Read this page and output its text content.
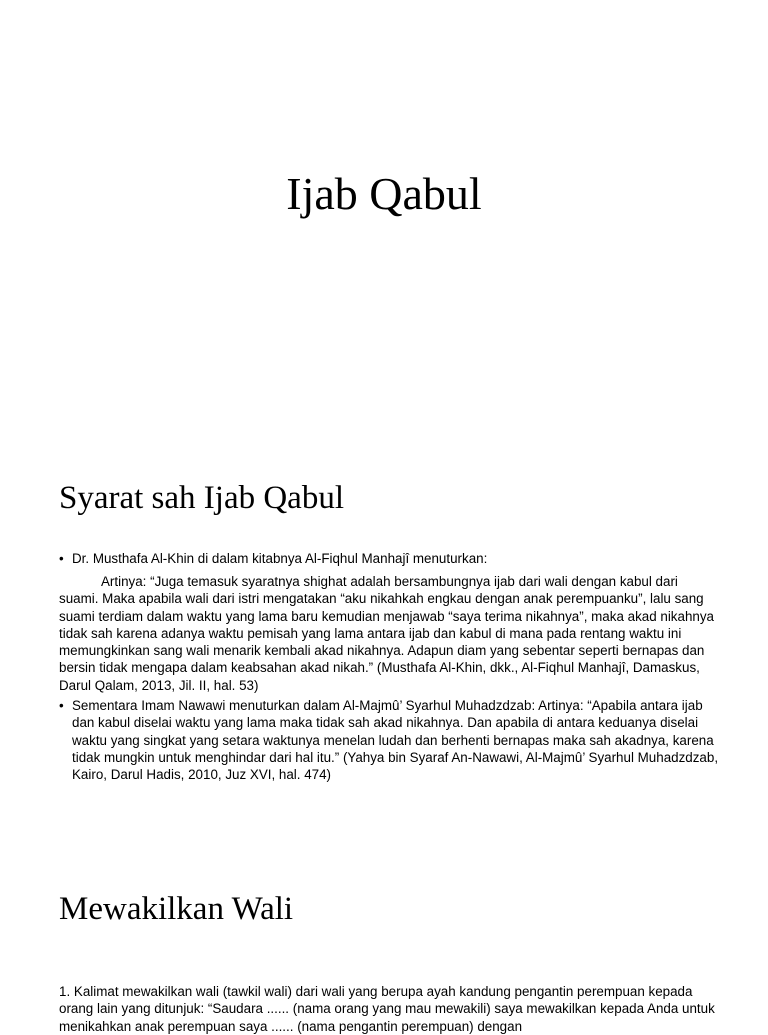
Ijab Qabul
Syarat sah Ijab Qabul
• Dr. Musthafa Al-Khin di dalam kitabnya Al-Fiqhul Manhajî menuturkan:
Artinya: “Juga temasuk syaratnya shighat adalah bersambungnya ijab dari wali dengan kabul dari suami. Maka apabila wali dari istri mengatakan “aku nikahkah engkau dengan anak perempuanku”, lalu sang suami terdiam dalam waktu yang lama baru kemudian menjawab “saya terima nikahnya”, maka akad nikahnya tidak sah karena adanya waktu pemisah yang lama antara ijab dan kabul di mana pada rentang waktu ini memungkinkan sang wali menarik kembali akad nikahnya. Adapun diam yang sebentar seperti bernapas dan bersin tidak mengapa dalam keabsahan akad nikah.” (Musthafa Al-Khin, dkk., Al-Fiqhul Manhajî, Damaskus, Darul Qalam, 2013, Jil. II, hal. 53)
• Sementara Imam Nawawi menuturkan dalam Al-Majmû’ Syarhul Muhadzdzab: Artinya: “Apabila antara ijab dan kabul diselai waktu yang lama maka tidak sah akad nikahnya. Dan apabila di antara keduanya diselai waktu yang singkat yang setara waktunya menelan ludah dan berhenti bernapas maka sah akadnya, karena tidak mungkin untuk menghindar dari hal itu.” (Yahya bin Syaraf An-Nawawi, Al-Majmû’ Syarhul Muhadzdzab, Kairo, Darul Hadis, 2010, Juz XVI, hal. 474)
Mewakilkan Wali
1. Kalimat mewakilkan wali (tawkil wali) dari wali yang berupa ayah kandung pengantin perempuan kepada orang lain yang ditunjuk: “Saudara ...... (nama orang yang mau mewakili) saya mewakilkan kepada Anda untuk menikahkan anak perempuan saya ...... (nama pengantin perempuan) dengan
